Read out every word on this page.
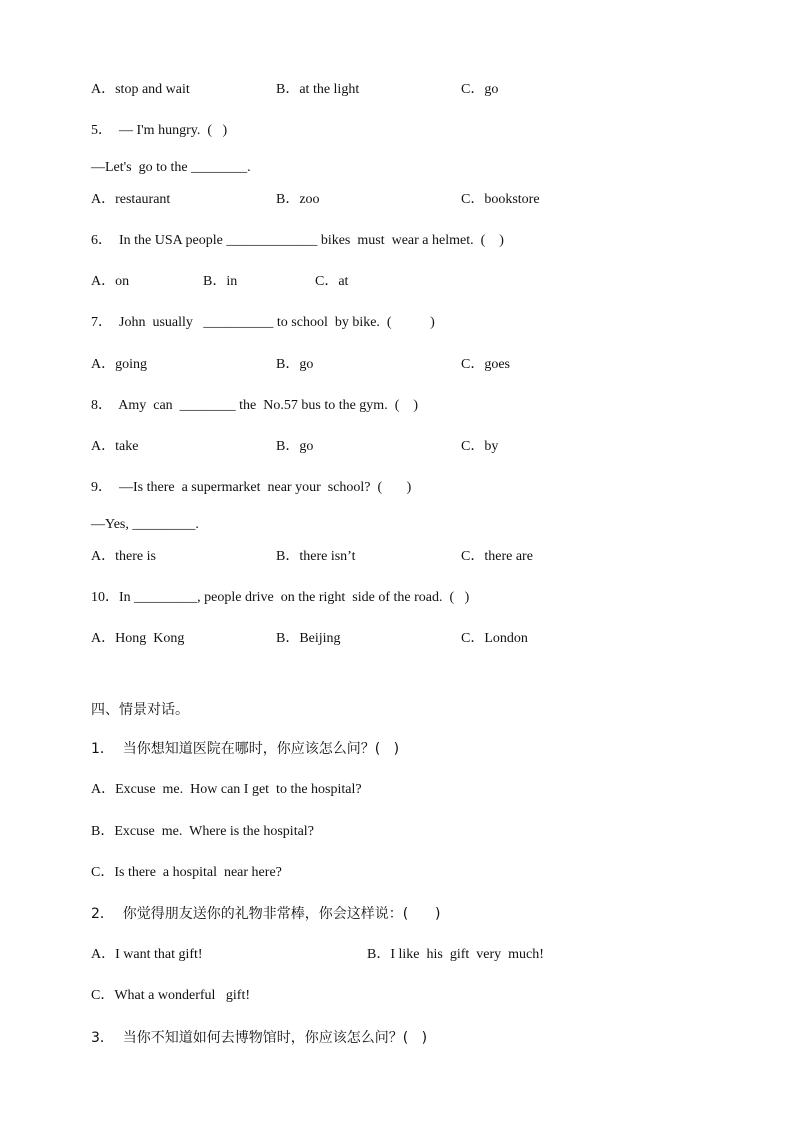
A．stop and wait	B．at the light	C．go
5．  — I'm hungry.  (   )
—Let's  go to the ________.
A．restaurant	B．zoo	C．bookstore
6．  In the USA people _____________ bikes  must  wear a helmet.  (    )
A．on	B．in	C．at
7．  John  usually   __________ to school  by bike.  (           )
A．going	B．go	C．goes
8．  Amy  can  ________ the  No.57 bus to the gym.  (    )
A．take	B．go	C．by
9．  —Is there  a supermarket  near your  school?  (       )
—Yes, _________.
A．there is	B．there isn’t	C．there are
10．In _________, people drive  on the right  side of the road.  (   )
A．Hong  Kong	B．Beijing	C．London
四、情景对话。
1．  当你想知道医院在哪时，你应该怎么问？(   )
A．Excuse  me.  How can I get  to the hospital?
B．Excuse  me.  Where is the hospital?
C．Is there  a hospital  near here?
2．  你觉得朋友送你的礼物非常棒，你会这样说：(      )
A．I want that gift!	B．I like  his  gift  very  much!
C．What a wonderful   gift!
3．  当你不知道如何去博物馆时，你应该怎么问？(   )
